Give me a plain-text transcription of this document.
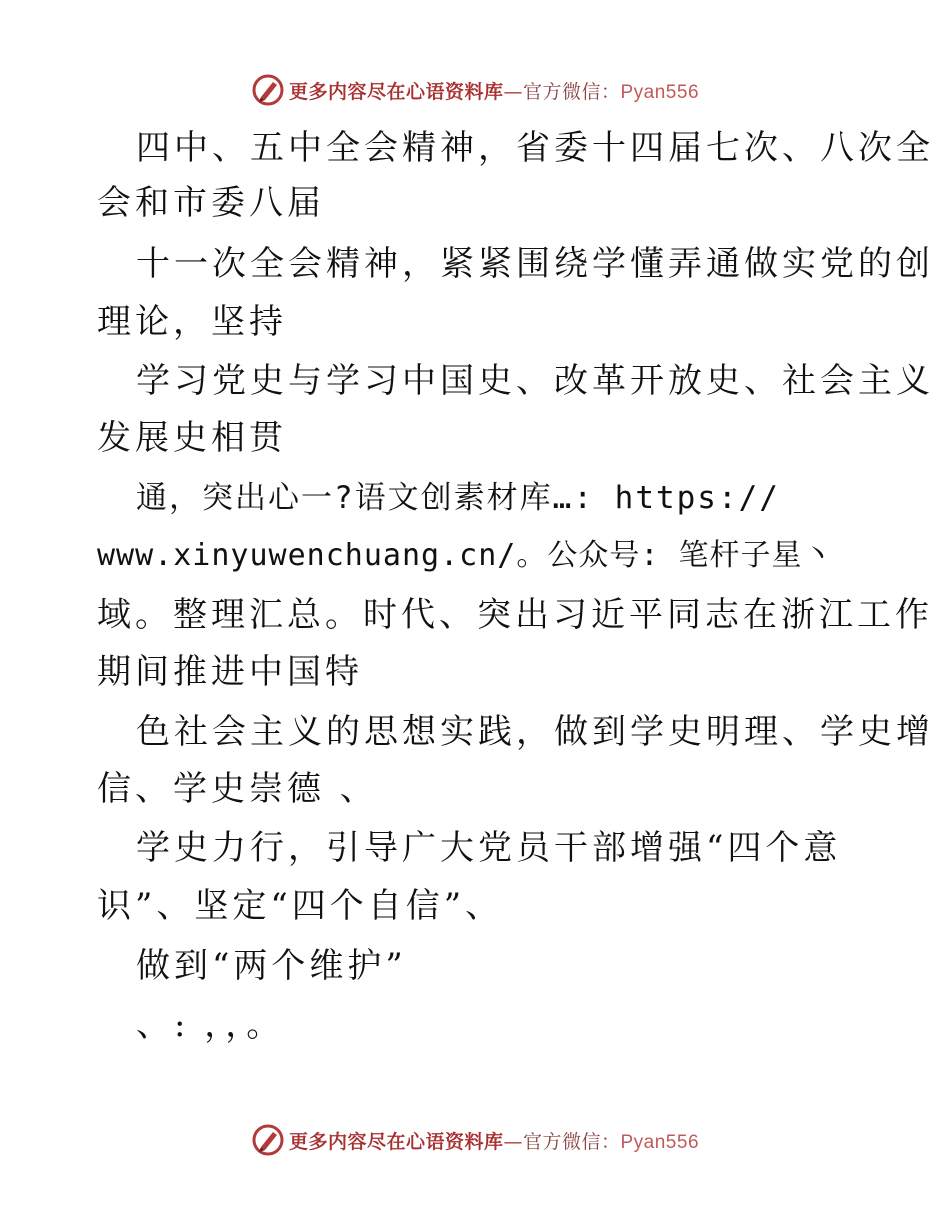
更多内容尽在心语资料库—官方微信：Pyan556
四中、五中全会精神，省委十四届七次、八次全
会和市委八届
十一次全会精神，紧紧围绕学懂弄通做实党的创
理论，坚持
学习党史与学习中国史、改革开放史、社会主义
发展史相贯
通，突出心一?语文创素材库…: https://
www.xinyuwenchuang.cn/。公众号: 笔杆子星丶
域。整理汇总。时代、突出习近平同志在浙江工作
期间推进中国特
色社会主义的思想实践，做到学史明理、学史增
信、学史崇德 、
学史力行，引导广大党员干部增强“四个意
识”、坚定“四个自信”、
做到“两个维护”
、: ，，。
更多内容尽在心语资料库—官方微信：Pyan556
